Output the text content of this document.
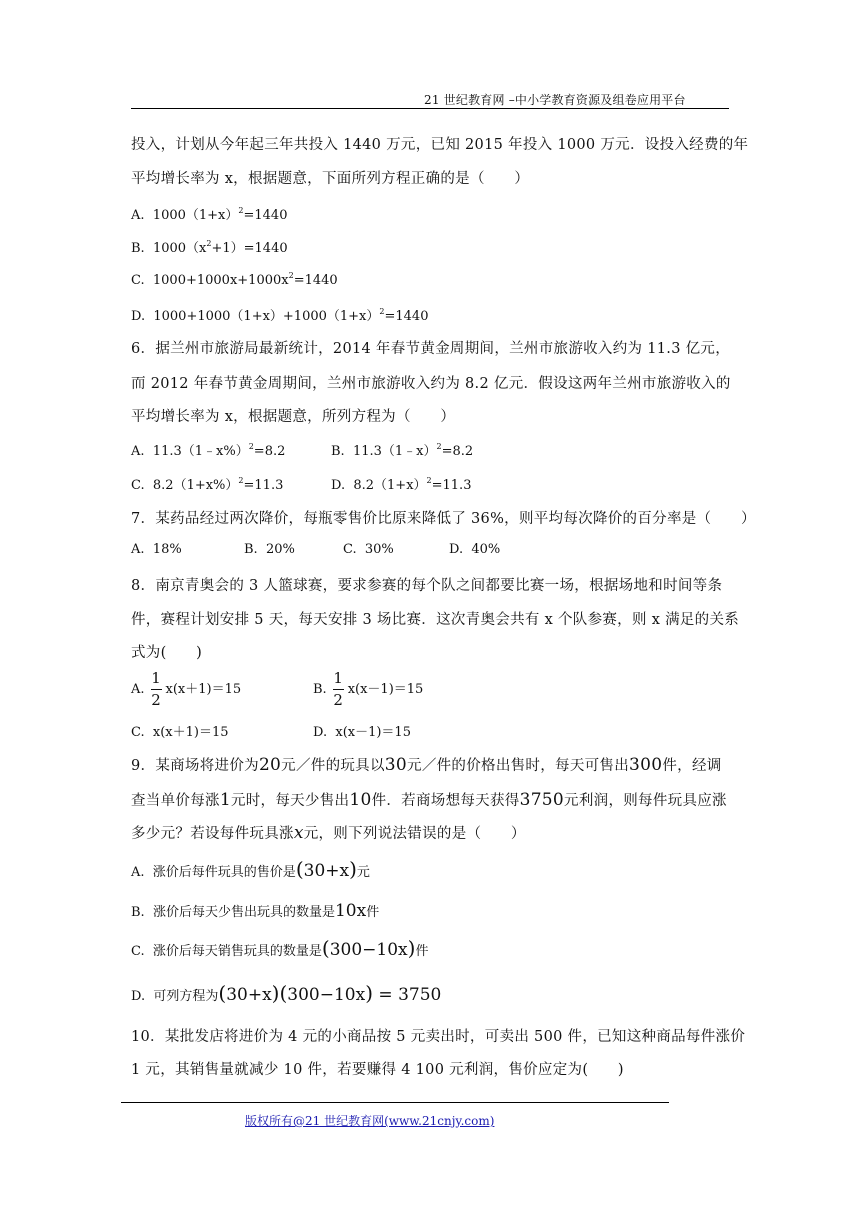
21 世纪教育网 –中小学教育资源及组卷应用平台
投入，计划从今年起三年共投入 1440 万元，已知 2015 年投入 1000 万元．设投入经费的年
平均增长率为 x，根据题意，下面所列方程正确的是（　　）
A. $1000(1+x)^2=1440$
B. $1000(x^2+1)=1440$
C. $1000+1000x+1000x^2=1440$
D. $1000+1000(1+x)+1000(1+x)^2=1440$
6．据兰州市旅游局最新统计，2014 年春节黄金周期间，兰州市旅游收入约为 11.3 亿元，
而 2012 年春节黄金周期间，兰州市旅游收入约为 8.2 亿元．假设这两年兰州市旅游收入的
平均增长率为 x，根据题意，所列方程为（　　）
A. 11.3（1﹣x%）$^2$=8.2	B. 11.3（1﹣x）$^2$=8.2
C. $8.2(1+x\%)^2=11.3$	D. $8.2(1+x)^2=11.3$
7．某药品经过两次降价，每瓶零售价比原来降低了 36%，则平均每次降价的百分率是（　　）
A. 18%	B. 20%	C. 30%	D. 40%
8．南京青奥会的 3 人篮球赛，要求参赛的每个队之间都要比赛一场，根据场地和时间等条
件，赛程计划安排 5 天，每天安排 3 场比赛．这次青奥会共有 x 个队参赛，则 x 满足的关系
式为(　　)
A. $\frac{1}{2} x(x+1)=15$	B. $\frac{1}{2} x(x-1)=15$
C. x(x＋1)＝15	D. x(x－1)＝15
9．某商场将进价为20元／件的玩具以30元／件的价格出售时，每天可售出300件，经调
查当单价每涨1元时，每天少售出10件．若商场想每天获得3750元利润，则每件玩具应涨
多少元？若设每件玩具涨x元，则下列说法错误的是（　　）
A. 涨价后每件玩具的售价是(30+x)元
B. 涨价后每天少售出玩具的数量是10x件
C. 涨价后每天销售玩具的数量是(300−10x)件
D. 可列方程为(30+x)(300−10x) = 3750
10．某批发店将进价为 4 元的小商品按 5 元卖出时，可卖出 500 件，已知这种商品每件涨价
1 元，其销售量就减少 10 件，若要赚得 4 100 元利润，售价应定为(　　)
版权所有@21 世纪教育网(www.21cnjy.com)
